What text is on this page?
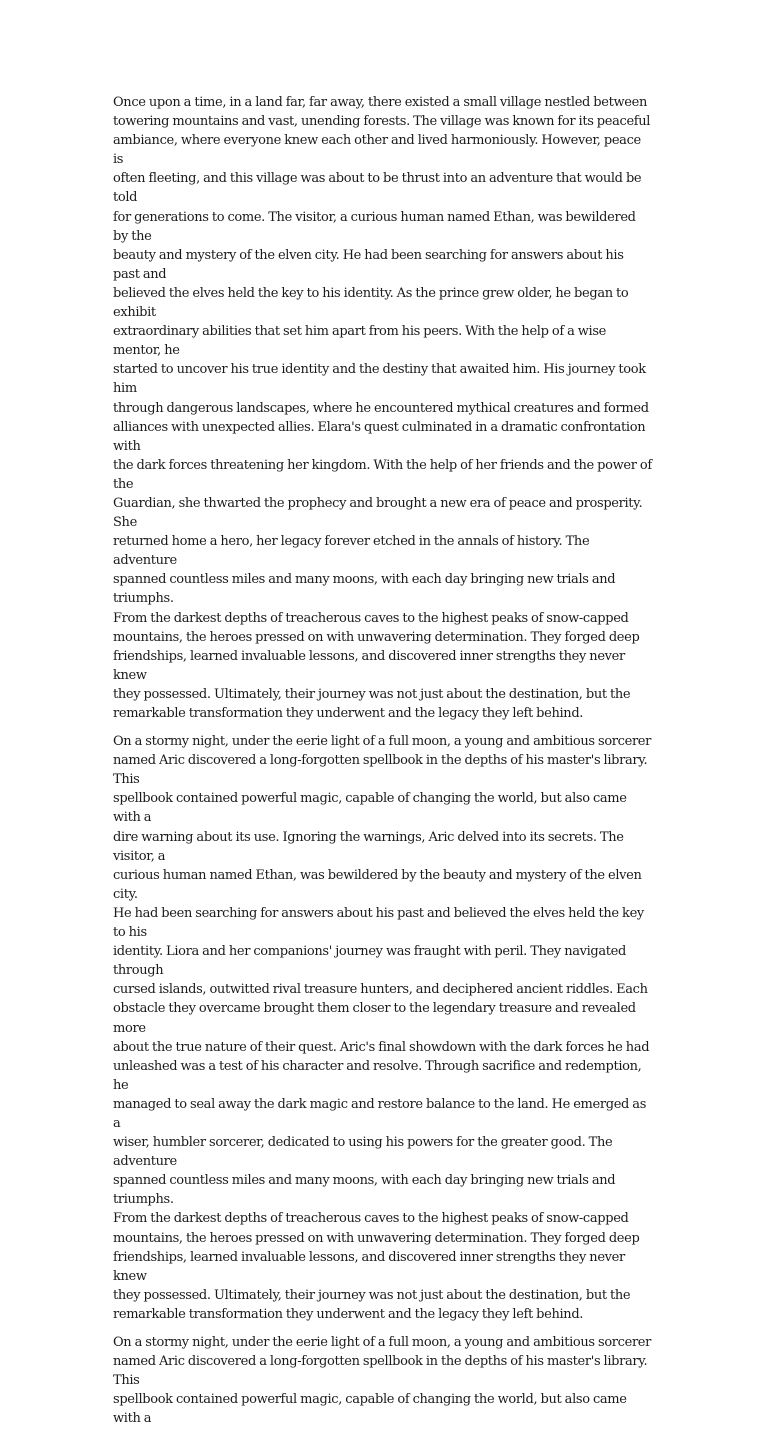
Once upon a time, in a land far, far away, there existed a small village nestled between
towering mountains and vast, unending forests. The village was known for its peaceful
ambiance, where everyone knew each other and lived harmoniously. However, peace is
often fleeting, and this village was about to be thrust into an adventure that would be told
for generations to come. The visitor, a curious human named Ethan, was bewildered by the
beauty and mystery of the elven city. He had been searching for answers about his past and
believed the elves held the key to his identity. As the prince grew older, he began to exhibit
extraordinary abilities that set him apart from his peers. With the help of a wise mentor, he
started to uncover his true identity and the destiny that awaited him. His journey took him
through dangerous landscapes, where he encountered mythical creatures and formed
alliances with unexpected allies. Elara's quest culminated in a dramatic confrontation with
the dark forces threatening her kingdom. With the help of her friends and the power of the
Guardian, she thwarted the prophecy and brought a new era of peace and prosperity. She
returned home a hero, her legacy forever etched in the annals of history. The adventure
spanned countless miles and many moons, with each day bringing new trials and triumphs.
From the darkest depths of treacherous caves to the highest peaks of snow-capped
mountains, the heroes pressed on with unwavering determination. They forged deep
friendships, learned invaluable lessons, and discovered inner strengths they never knew
they possessed. Ultimately, their journey was not just about the destination, but the
remarkable transformation they underwent and the legacy they left behind.

On a stormy night, under the eerie light of a full moon, a young and ambitious sorcerer
named Aric discovered a long-forgotten spellbook in the depths of his master's library. This
spellbook contained powerful magic, capable of changing the world, but also came with a
dire warning about its use. Ignoring the warnings, Aric delved into its secrets. The visitor, a
curious human named Ethan, was bewildered by the beauty and mystery of the elven city.
He had been searching for answers about his past and believed the elves held the key to his
identity. Liora and her companions' journey was fraught with peril. They navigated through
cursed islands, outwitted rival treasure hunters, and deciphered ancient riddles. Each
obstacle they overcame brought them closer to the legendary treasure and revealed more
about the true nature of their quest. Aric's final showdown with the dark forces he had
unleashed was a test of his character and resolve. Through sacrifice and redemption, he
managed to seal away the dark magic and restore balance to the land. He emerged as a
wiser, humbler sorcerer, dedicated to using his powers for the greater good. The adventure
spanned countless miles and many moons, with each day bringing new trials and triumphs.
From the darkest depths of treacherous caves to the highest peaks of snow-capped
mountains, the heroes pressed on with unwavering determination. They forged deep
friendships, learned invaluable lessons, and discovered inner strengths they never knew
they possessed. Ultimately, their journey was not just about the destination, but the
remarkable transformation they underwent and the legacy they left behind.

On a stormy night, under the eerie light of a full moon, a young and ambitious sorcerer
named Aric discovered a long-forgotten spellbook in the depths of his master's library. This
spellbook contained powerful magic, capable of changing the world, but also came with a
